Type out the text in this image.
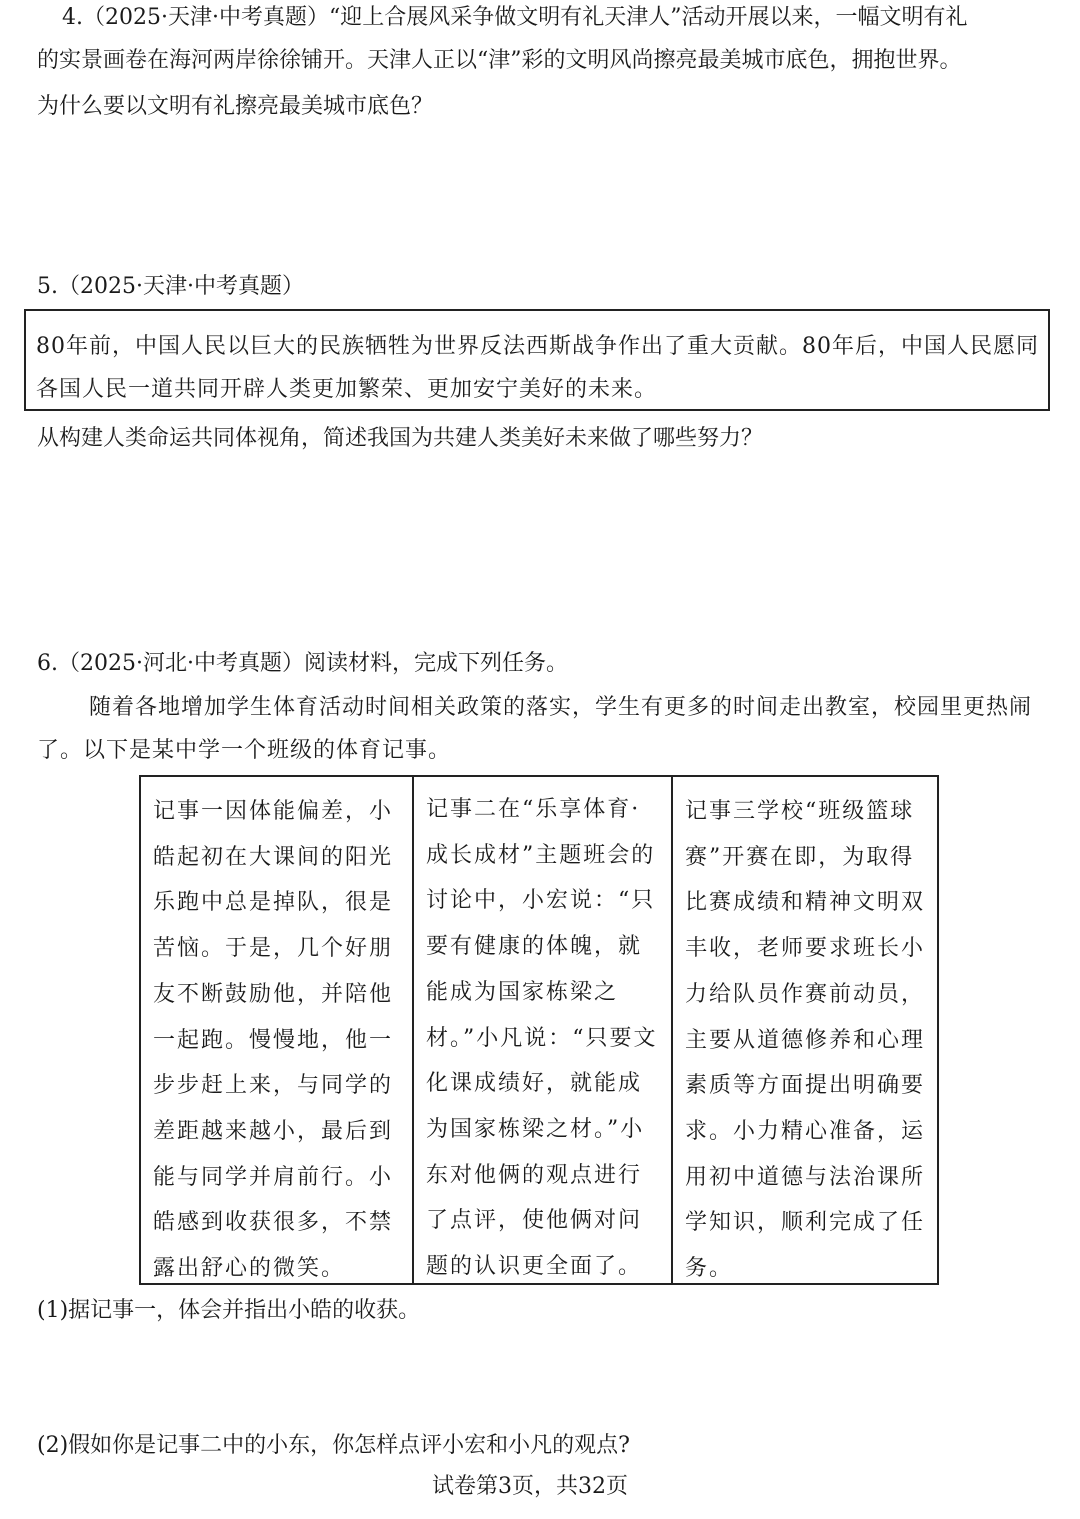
4.（2025·天津·中考真题）“迎上合展风采争做文明有礼天津人”活动开展以来，一幅文明有礼
的实景画卷在海河两岸徐徐铺开。天津人正以“津”彩的文明风尚擦亮最美城市底色，拥抱世界。
为什么要以文明有礼擦亮最美城市底色？
5.（2025·天津·中考真题）
80年前，中国人民以巨大的民族牺牲为世界反法西斯战争作出了重大贡献。80年后，中国人民愿同各国人民一道共同开辟人类更加繁荣、更加安宁美好的未来。
从构建人类命运共同体视角，简述我国为共建人类美好未来做了哪些努力？
6.（2025·河北·中考真题）阅读材料，完成下列任务。
随着各地增加学生体育活动时间相关政策的落实，学生有更多的时间走出教室，校园里更热闹了。以下是某中学一个班级的体育记事。
记事一因体能偏差，小皓起初在大课间的阳光乐跑中总是掉队，很是苦恼。于是，几个好朋友不断鼓励他，并陪他一起跑。慢慢地，他一步步赶上来，与同学的差距越来越小，最后到能与同学并肩前行。小皓感到收获很多，不禁露出舒心的微笑。
记事二在“乐享体育·成长成材”主题班会的讨论中，小宏说：“只要有健康的体魄，就能成为国家栋梁之材。”小凡说：“只要文化课成绩好，就能成为国家栋梁之材。”小东对他俩的观点进行了点评，使他俩对问题的认识更全面了。
记事三学校“班级篮球赛”开赛在即，为取得比赛成绩和精神文明双丰收，老师要求班长小力给队员作赛前动员，主要从道德修养和心理素质等方面提出明确要求。小力精心准备，运用初中道德与法治课所学知识，顺利完成了任务。
(1)据记事一，体会并指出小皓的收获。
(2)假如你是记事二中的小东，你怎样点评小宏和小凡的观点?
试卷第3页，共32页
